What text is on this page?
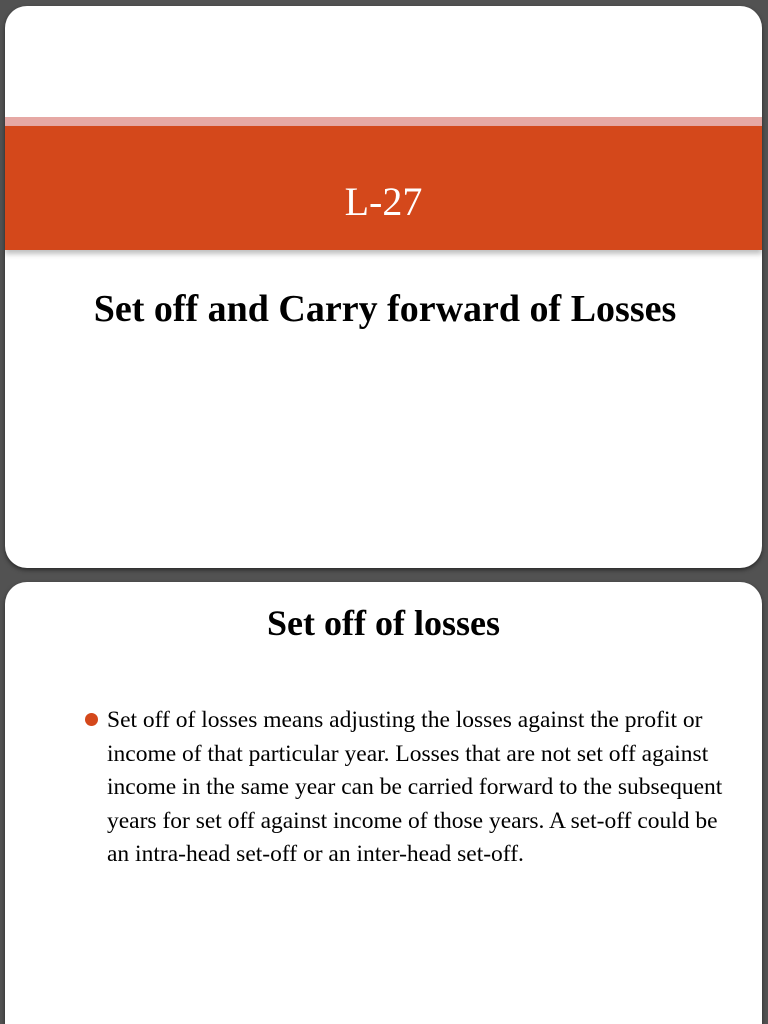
L-27
Set off and Carry forward of Losses
Set off of losses
Set off of losses means adjusting the losses against the profit or income of that particular year. Losses that are not set off against income in the same year can be carried forward to the subsequent years for set off against income of those years. A set-off could be an intra-head set-off or an inter-head set-off.
